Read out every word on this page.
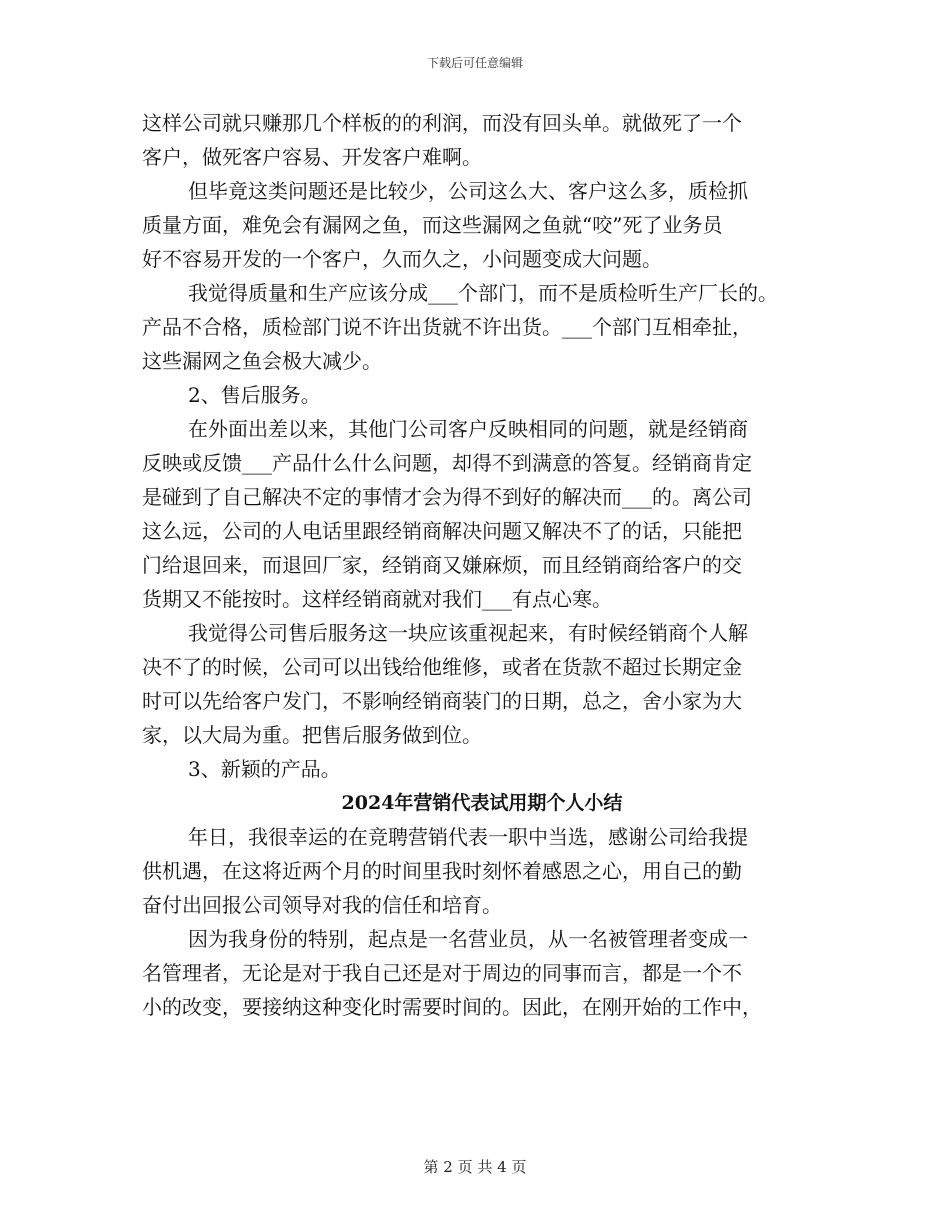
下载后可任意编辑
这样公司就只赚那几个样板的的利润，而没有回头单。就做死了一个
客户，做死客户容易、开发客户难啊。
但毕竟这类问题还是比较少，公司这么大、客户这么多，质检抓
质量方面，难免会有漏网之鱼，而这些漏网之鱼就“咬”死了业务员
好不容易开发的一个客户，久而久之，小问题变成大问题。
我觉得质量和生产应该分成___个部门，而不是质检听生产厂长的。
产品不合格，质检部门说不许出货就不许出货。___个部门互相牵扯，
这些漏网之鱼会极大减少。
2、售后服务。
在外面出差以来，其他门公司客户反映相同的问题，就是经销商
反映或反馈___产品什么什么问题，却得不到满意的答复。经销商肯定
是碰到了自己解决不定的事情才会为得不到好的解决而___的。离公司
这么远，公司的人电话里跟经销商解决问题又解决不了的话，只能把
门给退回来，而退回厂家，经销商又嫌麻烦，而且经销商给客户的交
货期又不能按时。这样经销商就对我们___有点心寒。
我觉得公司售后服务这一块应该重视起来，有时候经销商个人解
决不了的时候，公司可以出钱给他维修，或者在货款不超过长期定金
时可以先给客户发门，不影响经销商装门的日期，总之，舍小家为大
家，以大局为重。把售后服务做到位。
3、新颖的产品。
2024年营销代表试用期个人小结
年日，我很幸运的在竞聘营销代表一职中当选，感谢公司给我提
供机遇，在这将近两个月的时间里我时刻怀着感恩之心，用自己的勤
奋付出回报公司领导对我的信任和培育。
因为我身份的特别，起点是一名营业员，从一名被管理者变成一
名管理者，无论是对于我自己还是对于周边的同事而言，都是一个不
小的改变，要接纳这种变化时需要时间的。因此，在刚开始的工作中，
第 2 页 共 4 页
